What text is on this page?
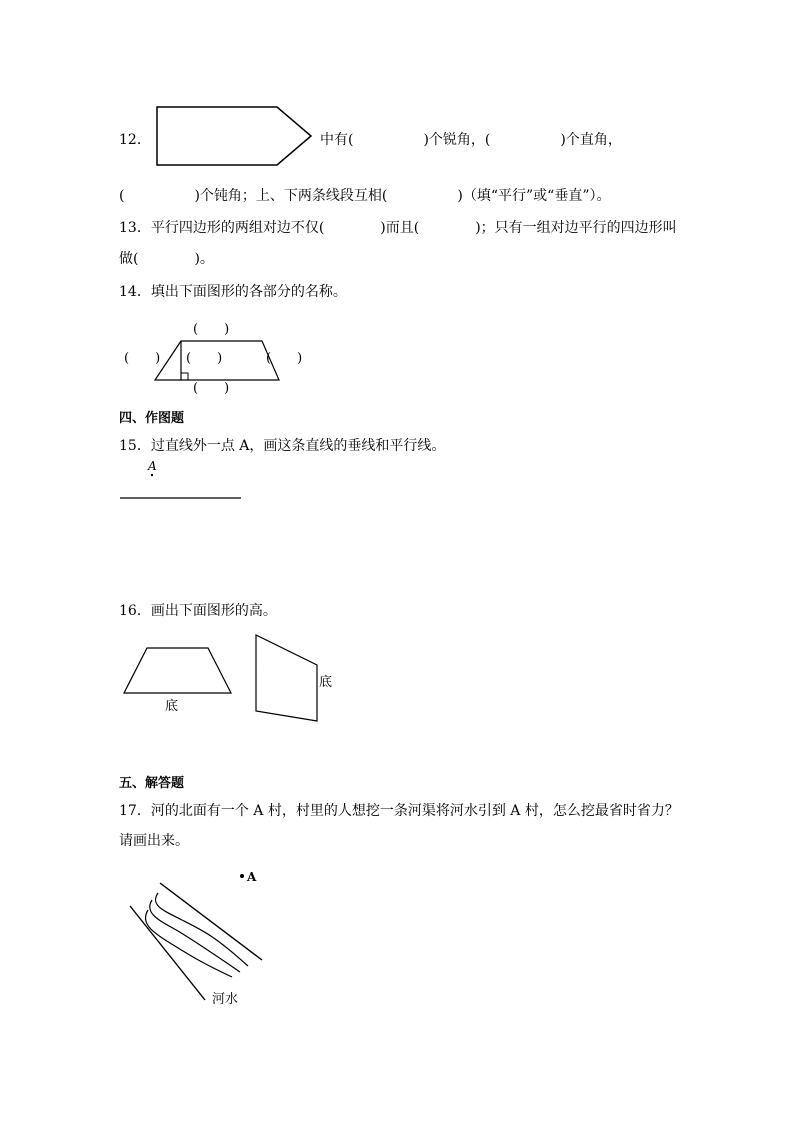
12．	中有(　　　　　)个锐角，(　　　　　)个直角，
(　　　　　)个钝角；上、下两条线段互相(　　　　　)（填“平行”或“垂直”）。
13．平行四边形的两组对边不仅(　　　　)而且(　　　　)；只有一组对边平行的四边形叫
做(　　　　)。
14．填出下面图形的各部分的名称。
(　　)
(　　) (　　)	(　　)
(　　)
四、作图题
15．过直线外一点 A，画这条直线的垂线和平行线。
A
16．画出下面图形的高。
底
底
五、解答题
17．河的北面有一个 A 村，村里的人想挖一条河渠将河水引到 A 村，怎么挖最省时省力？
请画出来。
A
河水
